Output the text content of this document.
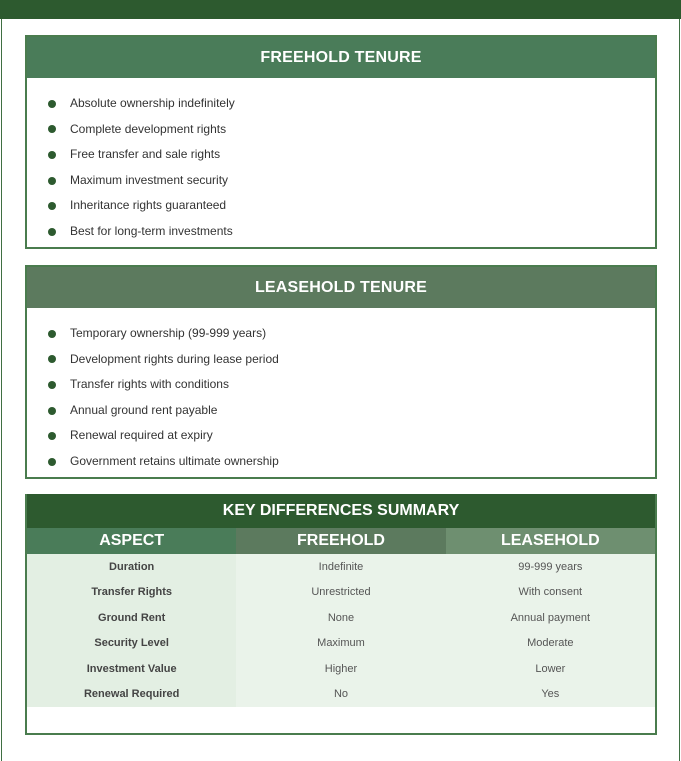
FREEHOLD TENURE
Absolute ownership indefinitely
Complete development rights
Free transfer and sale rights
Maximum investment security
Inheritance rights guaranteed
Best for long-term investments
LEASEHOLD TENURE
Temporary ownership (99-999 years)
Development rights during lease period
Transfer rights with conditions
Annual ground rent payable
Renewal required at expiry
Government retains ultimate ownership
KEY DIFFERENCES SUMMARY
ASPECT	FREEHOLD	LEASEHOLD
Duration	Indefinite	99-999 years
Transfer Rights	Unrestricted	With consent
Ground Rent	None	Annual payment
Security Level	Maximum	Moderate
Investment Value	Higher	Lower
Renewal Required	No	Yes
